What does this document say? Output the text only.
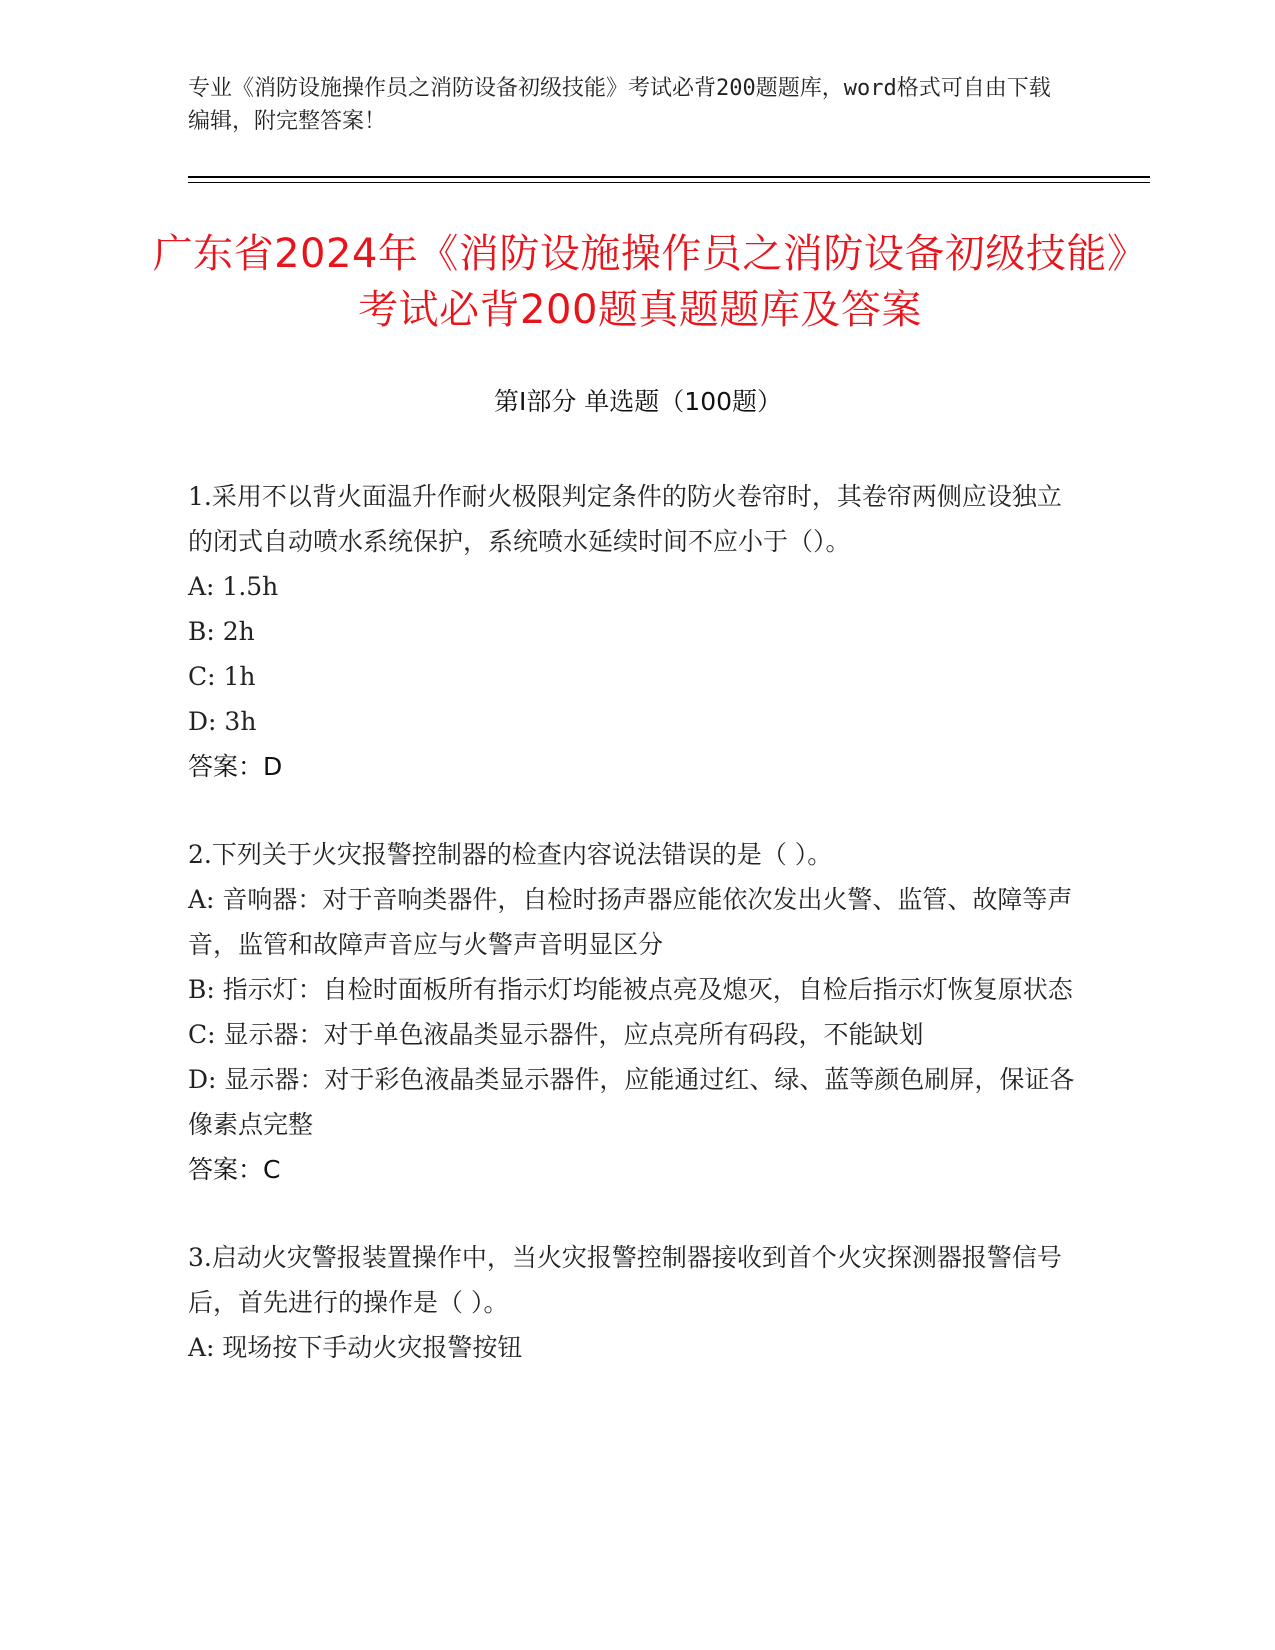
专业《消防设施操作员之消防设备初级技能》考试必背200题题库，word格式可自由下载编辑，附完整答案！
广东省2024年《消防设施操作员之消防设备初级技能》考试必背200题真题题库及答案
第Ⅰ部分 单选题（100题）

1.采用不以背火面温升作耐火极限判定条件的防火卷帘时，其卷帘两侧应设独立的闭式自动喷水系统保护，系统喷水延续时间不应小于（）。

A: 1.5h

B: 2h

C: 1h

D: 3h

答案：D

2.下列关于火灾报警控制器的检查内容说法错误的是（ ）。

A: 音响器：对于音响类器件，自检时扬声器应能依次发出火警、监管、故障等声音，监管和故障声音应与火警声音明显区分

B: 指示灯：自检时面板所有指示灯均能被点亮及熄灭，自检后指示灯恢复原状态

C: 显示器：对于单色液晶类显示器件，应点亮所有码段，不能缺划

D: 显示器：对于彩色液晶类显示器件，应能通过红、绿、蓝等颜色刷屏，保证各像素点完整

答案：C

3.启动火灾警报装置操作中，当火灾报警控制器接收到首个火灾探测器报警信号后，首先进行的操作是（ ）。

A: 现场按下手动火灾报警按钮
